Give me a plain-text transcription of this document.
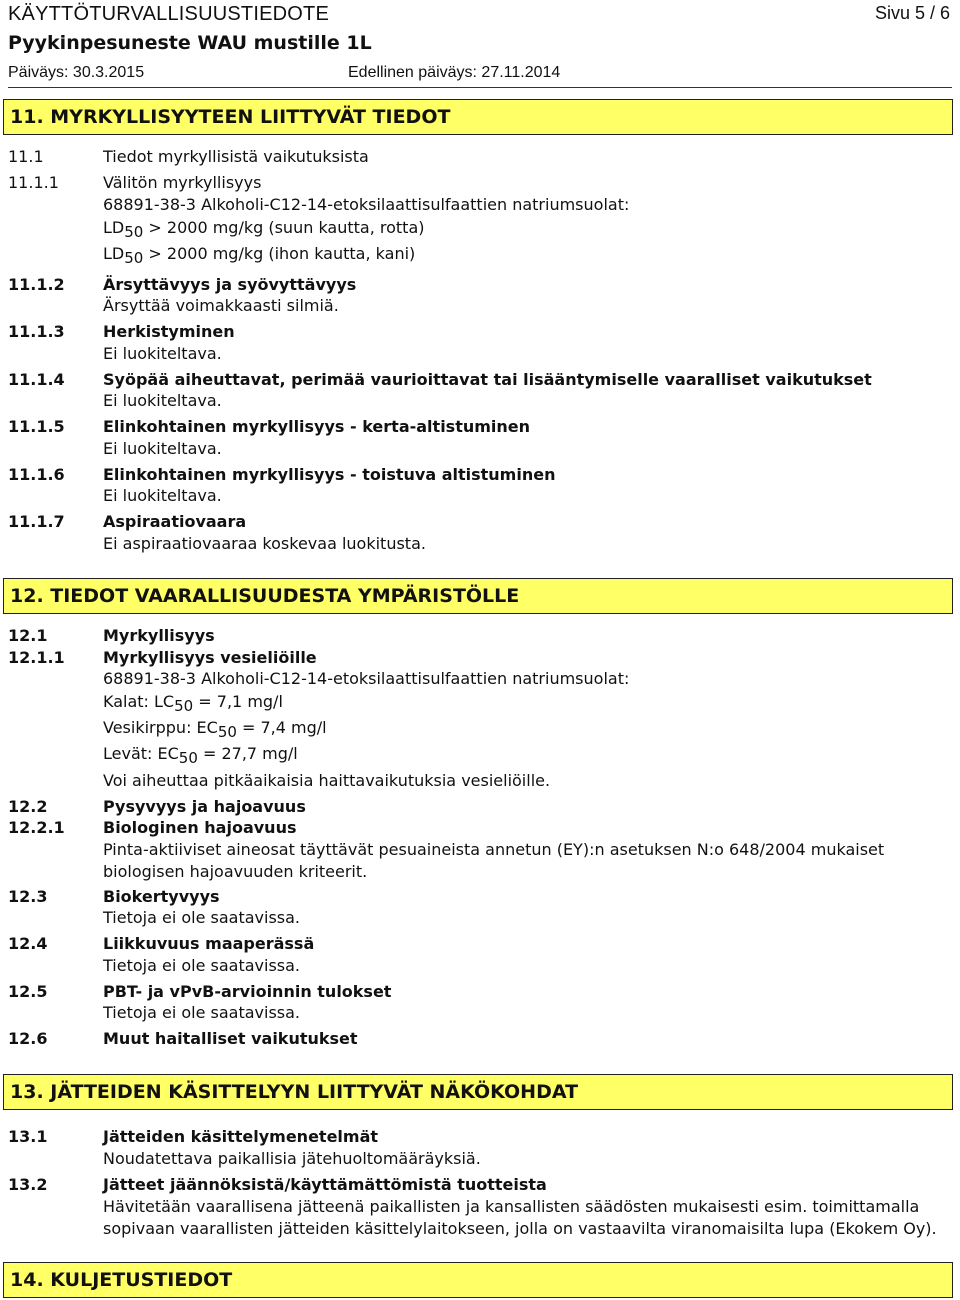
KÄYTTÖTURVALLISUUSTIEDOTE	Sivu 5 / 6
Pyykinpesuneste WAU mustille 1L
Päiväys: 30.3.2015	Edellinen päiväys: 27.11.2014
11. MYRKYLLISYYTEEN LIITTYVÄT TIEDOT
11.1	Tiedot myrkyllisistä vaikutuksista
11.1.1	Välitön myrkyllisyys
68891-38-3 Alkoholi-C12-14-etoksilaattisulfaattien natriumsuolat:
$LD_{50} > 2000$ mg/kg (suun kautta, rotta)
$LD_{50} > 2000$ mg/kg (ihon kautta, kani)
11.1.2 Ärsyttävyys ja syövyttävyys
Ärsyttää voimakkaasti silmiä.
11.1.3 Herkistyminen
Ei luokiteltava.
11.1.4 Syöpää aiheuttavat, perimää vaurioittavat tai lisääntymiselle vaaralliset vaikutukset
Ei luokiteltava.
11.1.5 Elinkohtainen myrkyllisyys - kerta-altistuminen
Ei luokiteltava.
11.1.6 Elinkohtainen myrkyllisyys - toistuva altistuminen
Ei luokiteltava.
11.1.7 Aspiraatiovaara
Ei aspiraatiovaaraa koskevaa luokitusta.
12. TIEDOT VAARALLISUUDESTA YMPÄRISTÖLLE
12.1	Myrkyllisyys
12.1.1 Myrkyllisyys vesieliöille
68891-38-3 Alkoholi-C12-14-etoksilaattisulfaattien natriumsuolat:
Kalat: $LC_{50} = 7,1$ mg/l
Vesikirppu: $EC_{50} = 7,4$ mg/l
Levät: $EC_{50} = 27,7$ mg/l
Voi aiheuttaa pitkäaikaisia haittavaikutuksia vesieliöille.
12.2	Pysyvyys ja hajoavuus
12.2.1 Biologinen hajoavuus
Pinta-aktiiviset aineosat täyttävät pesuaineista annetun (EY):n asetuksen N:o 648/2004 mukaiset biologisen hajoavuuden kriteerit.
12.3	Biokertyvyys
Tietoja ei ole saatavissa.
12.4	Liikkuvuus maaperässä
Tietoja ei ole saatavissa.
12.5	PBT- ja vPvB-arvioinnin tulokset
Tietoja ei ole saatavissa.
12.6	Muut haitalliset vaikutukset
13. JÄTTEIDEN KÄSITTELYYN LIITTYVÄT NÄKÖKOHDAT
13.1	Jätteiden käsittelymenetelmät
Noudatettava paikallisia jätehuoltomääräyksiä.
13.2	Jätteet jäännöksistä/käyttämättömistä tuotteista
Hävitetään vaarallisena jätteenä paikallisten ja kansallisten säädösten mukaisesti esim. toimittamalla sopivaan vaarallisten jätteiden käsittelylaitokseen, jolla on vastaavilta viranomaisilta lupa (Ekokem Oy).
14. KULJETUSTIEDOT
